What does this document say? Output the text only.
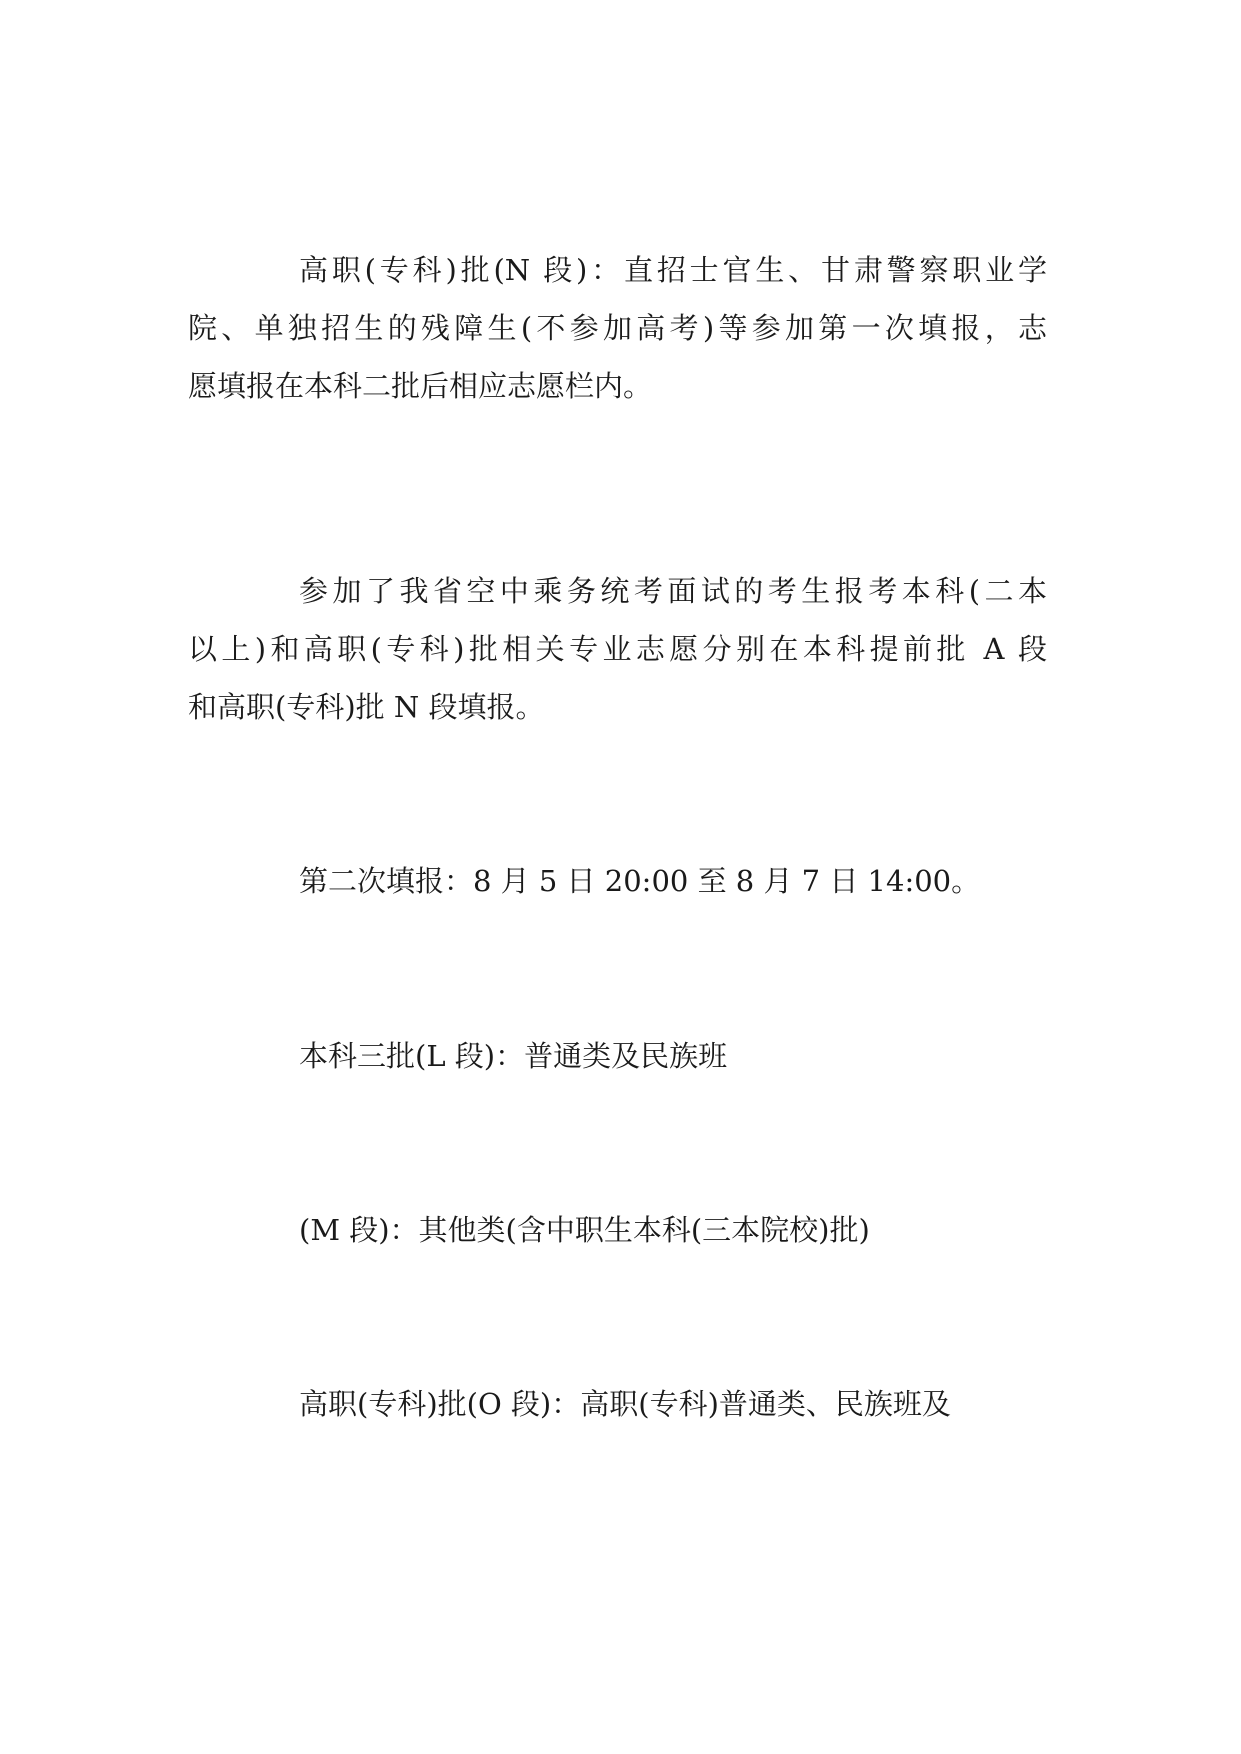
高职(专科)批(N 段)：直招士官生、甘肃警察职业学
院、单独招生的残障生(不参加高考)等参加第一次填报，志
愿填报在本科二批后相应志愿栏内。

参加了我省空中乘务统考面试的考生报考本科(二本
以上)和高职(专科)批相关专业志愿分别在本科提前批 A 段
和高职(专科)批 N 段填报。

第二次填报：8 月 5 日 20:00 至 8 月 7 日 14:00。

本科三批(L 段)：普通类及民族班

(M 段)：其他类(含中职生本科(三本院校)批)

高职(专科)批(O 段)：高职(专科)普通类、民族班及
